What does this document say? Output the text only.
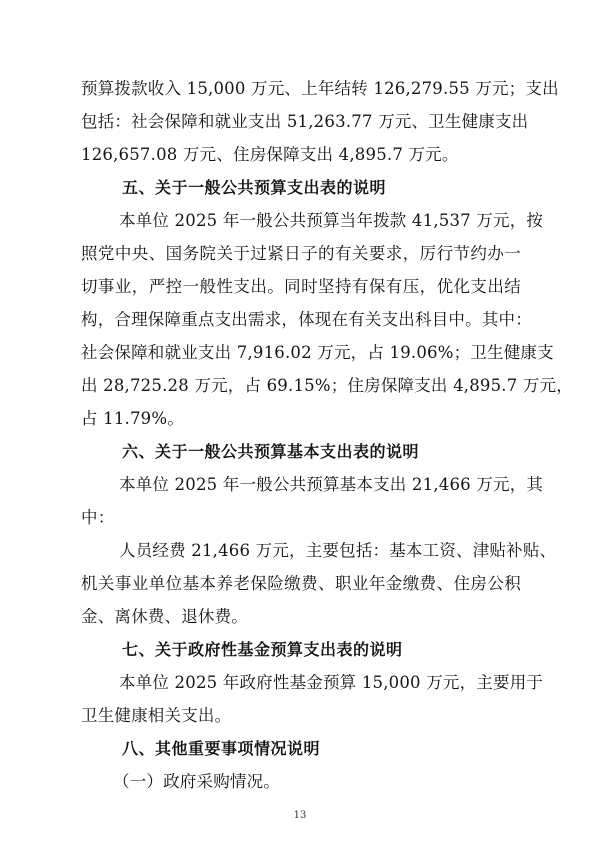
预算拨款收入 15,000 万元、上年结转 126,279.55 万元；支出
包括：社会保障和就业支出 51,263.77 万元、卫生健康支出
126,657.08 万元、住房保障支出 4,895.7 万元。
五、关于一般公共预算支出表的说明
本单位 2025 年一般公共预算当年拨款 41,537 万元，按
照党中央、国务院关于过紧日子的有关要求，厉行节约办一
切事业，严控一般性支出。同时坚持有保有压，优化支出结
构，合理保障重点支出需求，体现在有关支出科目中。其中：
社会保障和就业支出 7,916.02 万元，占 19.06%；卫生健康支
出 28,725.28 万元，占 69.15%；住房保障支出 4,895.7 万元，
占 11.79%。
六、关于一般公共预算基本支出表的说明
本单位 2025 年一般公共预算基本支出 21,466 万元，其
中：
人员经费 21,466 万元，主要包括：基本工资、津贴补贴、
机关事业单位基本养老保险缴费、职业年金缴费、住房公积
金、离休费、退休费。
七、关于政府性基金预算支出表的说明
本单位 2025 年政府性基金预算 15,000 万元，主要用于
卫生健康相关支出。
八、其他重要事项情况说明
（一）政府采购情况。
13
